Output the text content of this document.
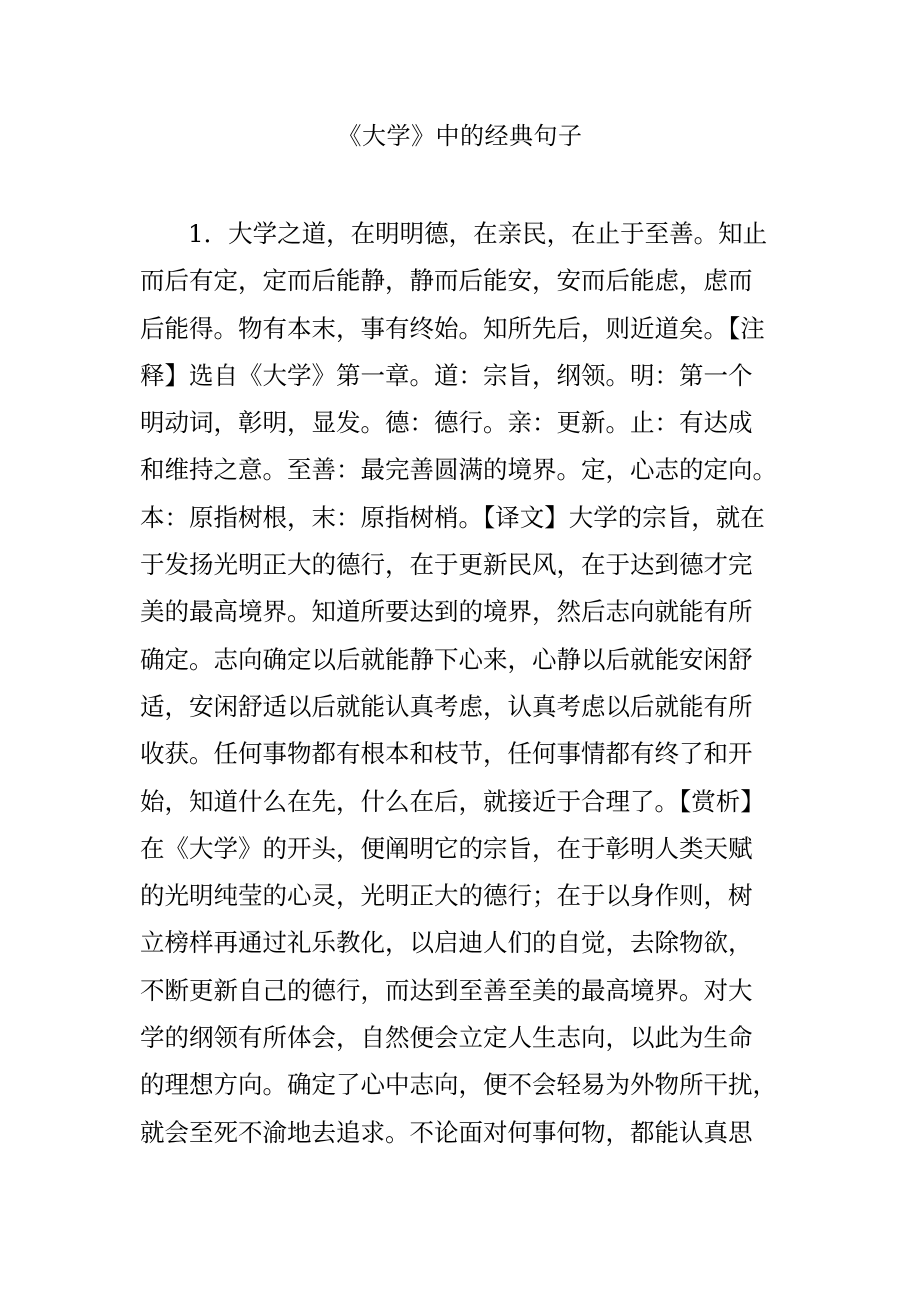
《大学》中的经典句子
1．大学之道，在明明德，在亲民，在止于至善。知止
而后有定，定而后能静，静而后能安，安而后能虑，虑而
后能得。物有本末，事有终始。知所先后，则近道矣。【注
释】选自《大学》第一章。道：宗旨，纲领。明：第一个
明动词，彰明，显发。德：德行。亲：更新。止：有达成
和维持之意。至善：最完善圆满的境界。定，心志的定向。
本：原指树根，末：原指树梢。【译文】大学的宗旨，就在
于发扬光明正大的德行，在于更新民风，在于达到德才完
美的最高境界。知道所要达到的境界，然后志向就能有所
确定。志向确定以后就能静下心来，心静以后就能安闲舒
适，安闲舒适以后就能认真考虑，认真考虑以后就能有所
收获。任何事物都有根本和枝节，任何事情都有终了和开
始，知道什么在先，什么在后，就接近于合理了。【赏析】
在《大学》的开头，便阐明它的宗旨，在于彰明人类天赋
的光明纯莹的心灵，光明正大的德行；在于以身作则，树
立榜样再通过礼乐教化，以启迪人们的自觉，去除物欲，
不断更新自己的德行，而达到至善至美的最高境界。对大
学的纲领有所体会，自然便会立定人生志向，以此为生命
的理想方向。确定了心中志向，便不会轻易为外物所干扰，
就会至死不渝地去追求。不论面对何事何物，都能认真思
